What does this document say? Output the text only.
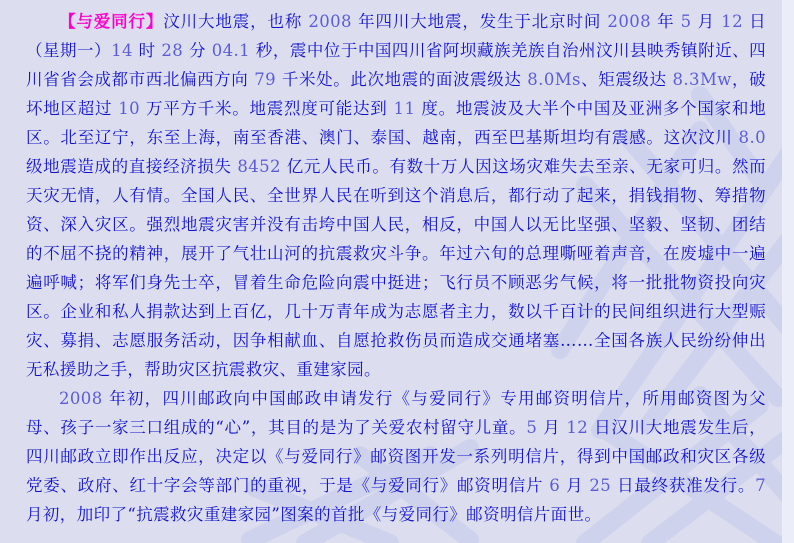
【与爱同行】汶川大地震，也称 2008 年四川大地震，发生于北京时间 2008 年 5 月 12 日（星期一）14 时 28 分 04.1 秒，震中位于中国四川省阿坝藏族羌族自治州汶川县映秀镇附近、四川省省会成都市西北偏西方向 79 千米处。此次地震的面波震级达 8.0Ms、矩震级达 8.3Mw，破坏地区超过 10 万平方千米。地震烈度可能达到 11 度。地震波及大半个中国及亚洲多个国家和地区。北至辽宁，东至上海，南至香港、澳门、泰国、越南，西至巴基斯坦均有震感。这次汶川 8.0 级地震造成的直接经济损失 8452 亿元人民币。有数十万人因这场灾难失去至亲、无家可归。然而天灾无情，人有情。全国人民、全世界人民在听到这个消息后，都行动了起来，捐钱捐物、筹措物资、深入灾区。强烈地震灾害并没有击垮中国人民，相反，中国人以无比坚强、坚毅、坚韧、团结的不屈不挠的精神，展开了气壮山河的抗震救灾斗争。年过六旬的总理嘶哑着声音，在废墟中一遍遍呼喊；将军们身先士卒，冒着生命危险向震中挺进；飞行员不顾恶劣气候，将一批批物资投向灾区。企业和私人捐款达到上百亿，几十万青年成为志愿者主力，数以千百计的民间组织进行大型赈灾、募捐、志愿服务活动，因争相献血、自愿抢救伤员而造成交通堵塞……全国各族人民纷纷伸出无私援助之手，帮助灾区抗震救灾、重建家园。

2008 年初，四川邮政向中国邮政申请发行《与爱同行》专用邮资明信片，所用邮资图为父母、孩子一家三口组成的“心”，其目的是为了关爱农村留守儿童。5 月 12 日汉川大地震发生后，四川邮政立即作出反应，决定以《与爱同行》邮资图开发一系列明信片，得到中国邮政和灾区各级党委、政府、红十字会等部门的重视，于是《与爱同行》邮资明信片 6 月 25 日最终获准发行。7 月初，加印了“抗震救灾重建家园”图案的首批《与爱同行》邮资明信片面世。
